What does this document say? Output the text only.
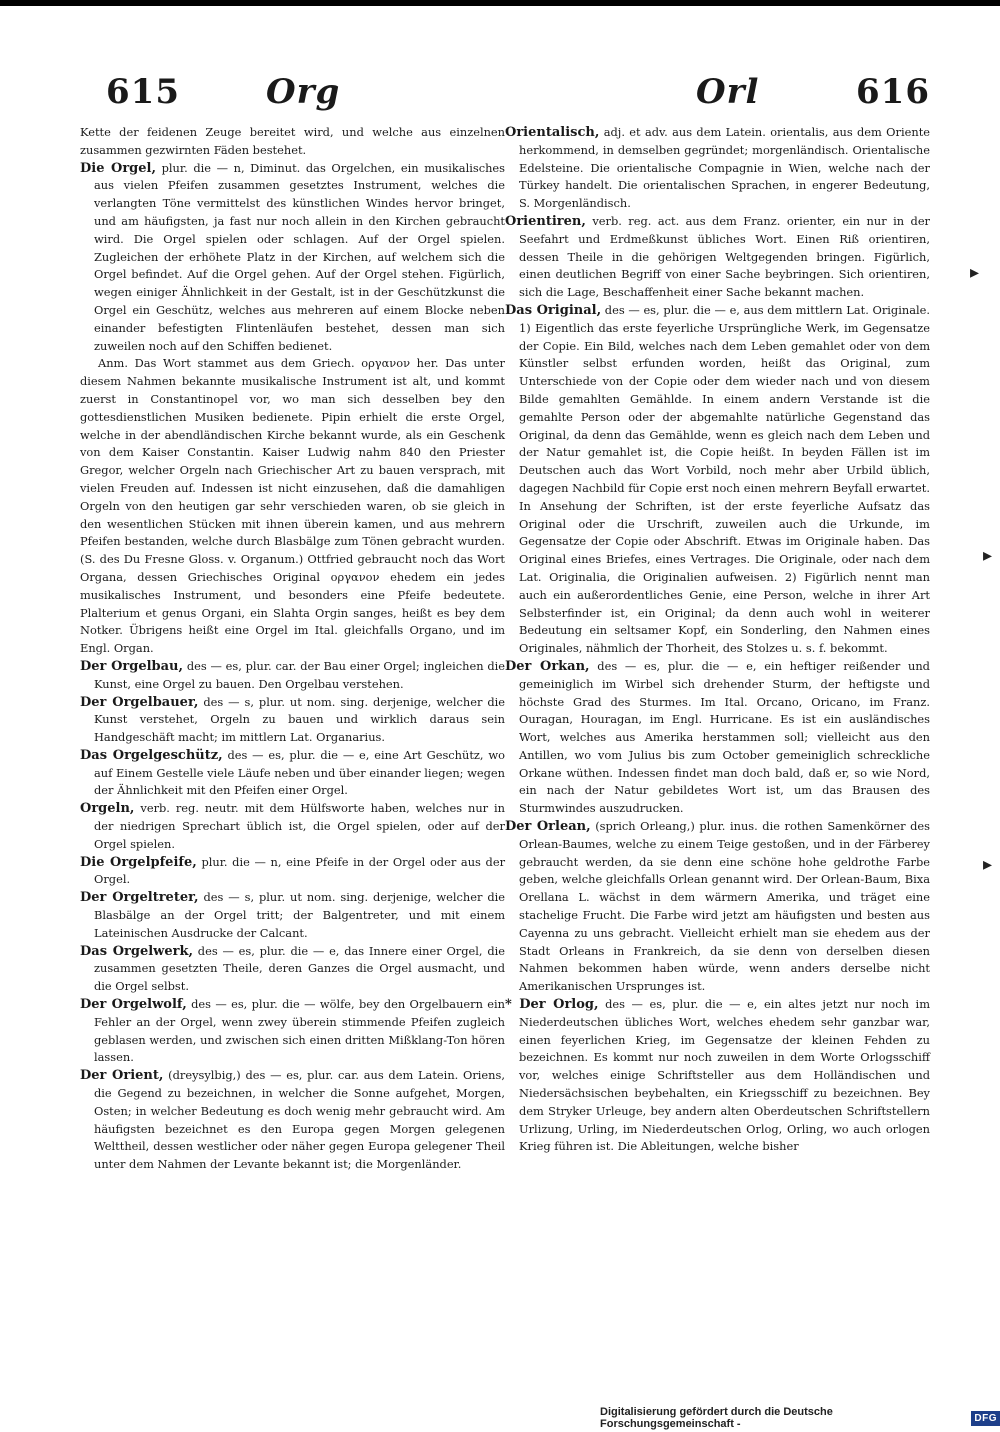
615	Org	Orl	616

Kette der feidenen Zeuge bereitet wird, und welche aus einzelnen zusammen gezwirnten Fäden bestehet.

Die Orgel, plur. die — n, Diminut. das Orgelchen, ein musikalisches aus vielen Pfeifen zusammen gesetztes Instrument, welches die verlangten Töne vermittelst des künstlichen Windes hervor bringet, und am häufigsten, ja fast nur noch allein in den Kirchen gebraucht wird. Die Orgel spielen oder schlagen. Auf der Orgel spielen. Zugleichen der erhöhete Platz in der Kirchen, auf welchem sich die Orgel befindet. Auf die Orgel gehen. Auf der Orgel stehen. Figürlich, wegen einiger Ähnlichkeit in der Gestalt, ist in der Geschützkunst die Orgel ein Geschütz, welches aus mehreren auf einem Blocke neben einander befestigten Flintenläufen bestehet, dessen man sich zuweilen noch auf den Schiffen bedienet.

Anm. Das Wort stammet aus dem Griech. οργανον her. Das unter diesem Nahmen bekannte musikalische Instrument ist alt, und kommt zuerst in Constantinopel vor, wo man sich desselben bey den gottesdienstlichen Musiken bedienete. Pipin erhielt die erste Orgel, welche in der abendländischen Kirche bekannt wurde, als ein Geschenk von dem Kaiser Constantin. Kaiser Ludwig nahm 840 den Priester Gregor, welcher Orgeln nach Griechischer Art zu bauen versprach, mit vielen Freuden auf. Indessen ist nicht einzusehen, daß die damahligen Orgeln von den heutigen gar sehr verschieden waren, ob sie gleich in den wesentlichen Stücken mit ihnen überein kamen, und aus mehrern Pfeifen bestanden, welche durch Blasbälge zum Tönen gebracht wurden. (S. des Du Fresne Gloss. v. Organum.) Ottfried gebraucht noch das Wort Organa, dessen Griechisches Original οργανον ehedem ein jedes musikalisches Instrument, und besonders eine Pfeife bedeutete. Plalterium et genus Organi, ein Slahta Orgin sanges, heißt es bey dem Notker. Übrigens heißt eine Orgel im Ital. gleichfalls Organo, und im Engl. Organ.

Der Orgelbau, des — es, plur. car. der Bau einer Orgel; ingleichen die Kunst, eine Orgel zu bauen. Den Orgelbau verstehen.

Der Orgelbauer, des — s, plur. ut nom. sing. derjenige, welcher die Kunst verstehet, Orgeln zu bauen und wirklich daraus sein Handgeschäft macht; im mittlern Lat. Organarius.

Das Orgelgeschütz, des — es, plur. die — e, eine Art Geschütz, wo auf Einem Gestelle viele Läufe neben und über einander liegen; wegen der Ähnlichkeit mit den Pfeifen einer Orgel.

Orgeln, verb. reg. neutr. mit dem Hülfsworte haben, welches nur in der niedrigen Sprechart üblich ist, die Orgel spielen, oder auf der Orgel spielen.

Die Orgelpfeife, plur. die — n, eine Pfeife in der Orgel oder aus der Orgel.

Der Orgeltreter, des — s, plur. ut nom. sing. derjenige, welcher die Blasbälge an der Orgel tritt; der Balgentreter, und mit einem Lateinischen Ausdrucke der Calcant.

Das Orgelwerk, des — es, plur. die — e, das Innere einer Orgel, die zusammen gesetzten Theile, deren Ganzes die Orgel ausmacht, und die Orgel selbst.

Der Orgelwolf, des — es, plur. die — wölfe, bey den Orgelbauern ein Fehler an der Orgel, wenn zwey überein stimmende Pfeifen zugleich geblasen werden, und zwischen sich einen dritten Mißklang-Ton hören lassen.

Der Orient, (dreysylbig,) des — es, plur. car. aus dem Latein. Oriens, die Gegend zu bezeichnen, in welcher die Sonne aufgehet, Morgen, Osten; in welcher Bedeutung es doch wenig mehr gebraucht wird. Am häufigsten bezeichnet es den Europa gegen Morgen gelegenen Welttheil, dessen westlicher oder näher gegen Europa gelegener Theil unter dem Nahmen der Levante bekannt ist; die Morgenländer.

Orientalisch, adj. et adv. aus dem Latein. orientalis, aus dem Oriente herkommend, in demselben gegründet; morgenländisch. Orientalische Edelsteine. Die orientalische Compagnie in Wien, welche nach der Türkey handelt. Die orientalischen Sprachen, in engerer Bedeutung, S. Morgenländisch.

Orientiren, verb. reg. act. aus dem Franz. orienter, ein nur in der Seefahrt und Erdmeßkunst übliches Wort. Einen Riß orientiren, dessen Theile in die gehörigen Weltgegenden bringen. Figürlich, einen deutlichen Begriff von einer Sache beybringen. Sich orientiren, sich die Lage, Beschaffenheit einer Sache bekannt machen.

Das Original, des — es, plur. die — e, aus dem mittlern Lat. Originale. 1) Eigentlich das erste feyerliche Ursprüngliche Werk, im Gegensatze der Copie. Ein Bild, welches nach dem Leben gemahlet oder von dem Künstler selbst erfunden worden, heißt das Original, zum Unterschiede von der Copie oder dem wieder nach und von diesem Bilde gemahlten Gemählde. In einem andern Verstande ist die gemahlte Person oder der abgemahlte natürliche Gegenstand das Original, da denn das Gemählde, wenn es gleich nach dem Leben und der Natur gemahlet ist, die Copie heißt. In beyden Fällen ist im Deutschen auch das Wort Vorbild, noch mehr aber Urbild üblich, dagegen Nachbild für Copie erst noch einen mehrern Beyfall erwartet. In Ansehung der Schriften, ist der erste feyerliche Aufsatz das Original oder die Urschrift, zuweilen auch die Urkunde, im Gegensatze der Copie oder Abschrift. Etwas im Originale haben. Das Original eines Briefes, eines Vertrages. Die Originale, oder nach dem Lat. Originalia, die Originalien aufweisen. 2) Figürlich nennt man auch ein außerordentliches Genie, eine Person, welche in ihrer Art Selbsterfinder ist, ein Original; da denn auch wohl in weiterer Bedeutung ein seltsamer Kopf, ein Sonderling, den Nahmen eines Originales, nähmlich der Thorheit, des Stolzes u. s. f. bekommt.

Der Orkan, des — es, plur. die — e, ein heftiger reißender und gemeiniglich im Wirbel sich drehender Sturm, der heftigste und höchste Grad des Sturmes. Im Ital. Orcano, Oricano, im Franz. Ouragan, Houragan, im Engl. Hurricane. Es ist ein ausländisches Wort, welches aus Amerika herstammen soll; vielleicht aus den Antillen, wo vom Julius bis zum October gemeiniglich schreckliche Orkane wüthen. Indessen findet man doch bald, daß er, so wie Nord, ein nach der Natur gebildetes Wort ist, um das Brausen des Sturmwindes auszudrucken.

Der Orlean, (sprich Orleang,) plur. inus. die rothen Samenkörner des Orlean-Baumes, welche zu einem Teige gestoßen, und in der Färberey gebraucht werden, da sie denn eine schöne hohe geldrothe Farbe geben, welche gleichfalls Orlean genannt wird. Der Orlean-Baum, Bixa Orellana L. wächst in dem wärmern Amerika, und träget eine stachelige Frucht. Die Farbe wird jetzt am häufigsten und besten aus Cayenna zu uns gebracht. Vielleicht erhielt man sie ehedem aus der Stadt Orleans in Frankreich, da sie denn von derselben diesen Nahmen bekommen haben würde, wenn anders derselbe nicht Amerikanischen Ursprunges ist.

* Der Orlog, des — es, plur. die — e, ein altes jetzt nur noch im Niederdeutschen übliches Wort, welches ehedem sehr ganzbar war, einen feyerlichen Krieg, im Gegensatze der kleinen Fehden zu bezeichnen. Es kommt nur noch zuweilen in dem Worte Orlogsschiff vor, welches einige Schriftsteller aus dem Holländischen und Niedersächsischen beybehalten, ein Kriegsschiff zu bezeichnen. Bey dem Stryker Urleuge, bey andern alten Oberdeutschen Schriftstellern Urlizung, Urling, im Niederdeutschen Orlog, Orling, wo auch orlogen Krieg führen ist. Die Ableitungen, welche bisher

▸
▸
▸
Digitalisierung gefördert durch die Deutsche Forschungsgemeinschaft -	DFG
